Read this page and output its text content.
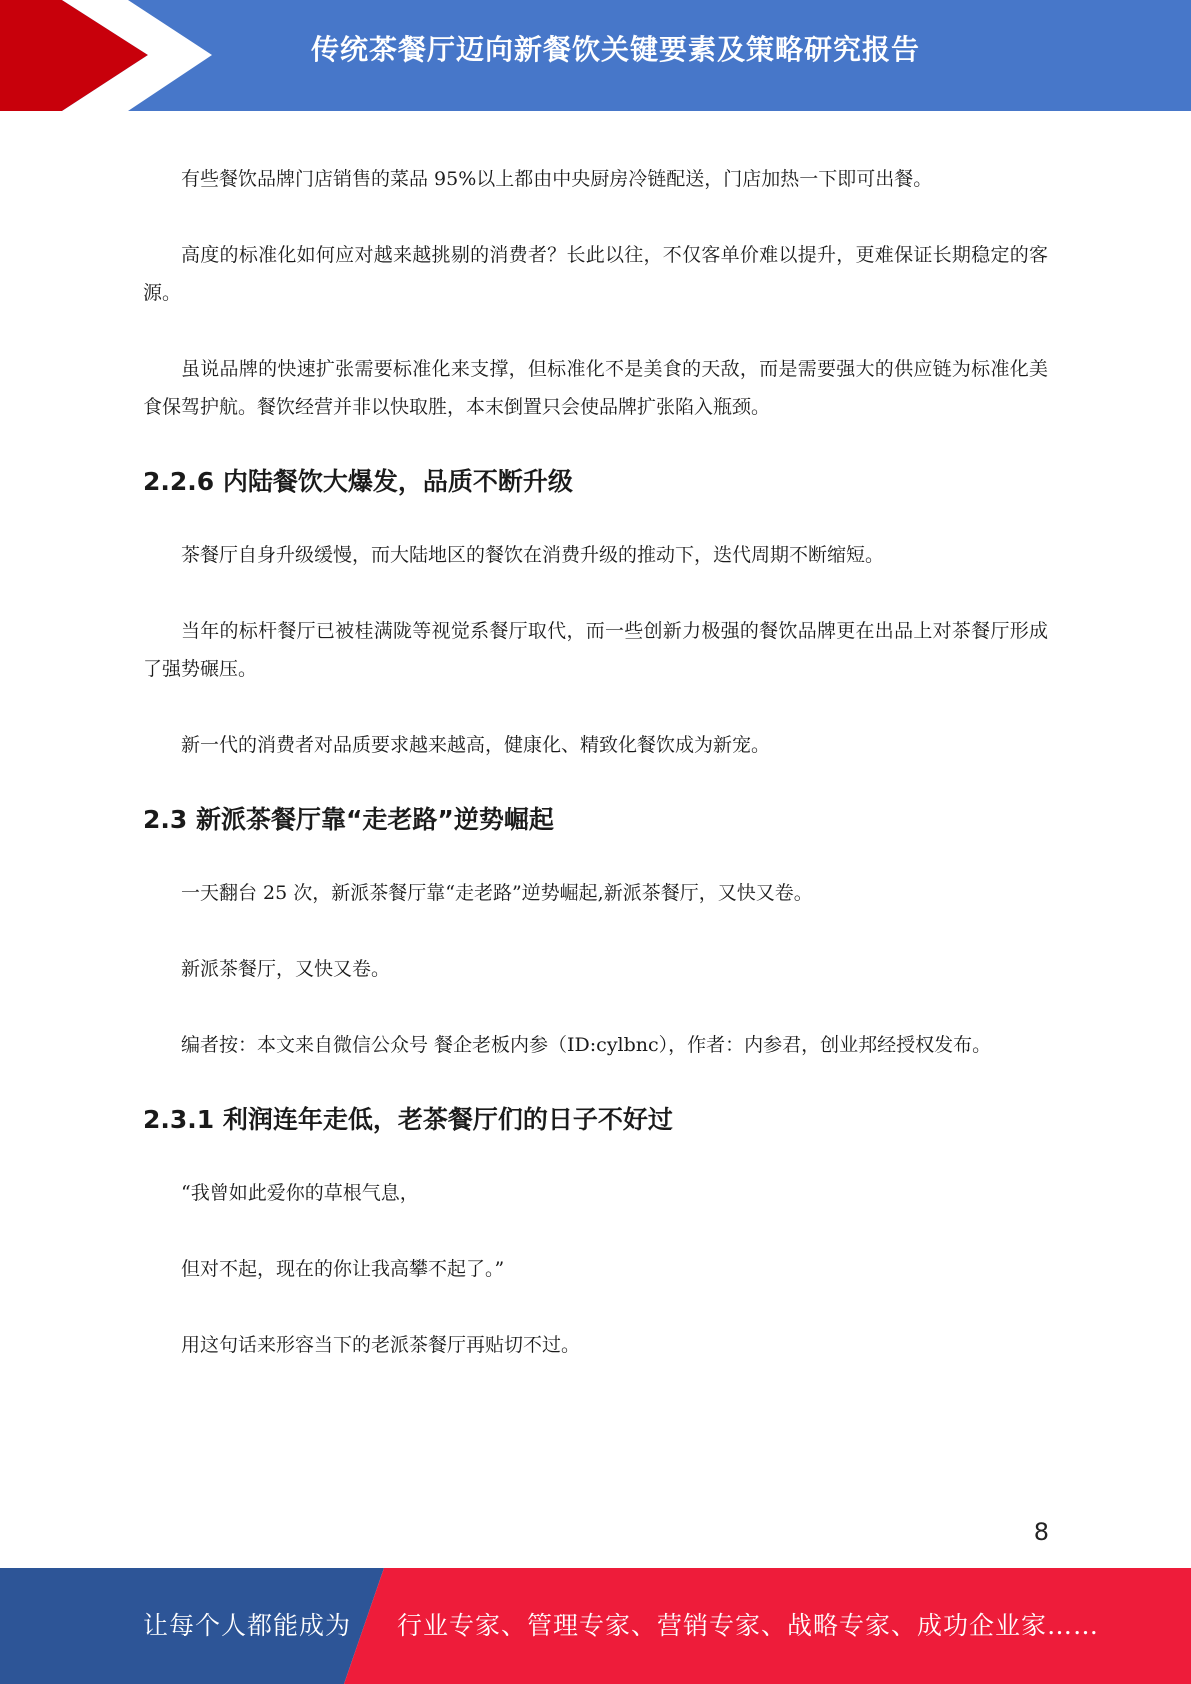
传统茶餐厅迈向新餐饮关键要素及策略研究报告

有些餐饮品牌门店销售的菜品 95%以上都由中央厨房冷链配送，门店加热一下即可出餐。

高度的标准化如何应对越来越挑剔的消费者？长此以往，不仅客单价难以提升，更难保证长期稳定的客源。

虽说品牌的快速扩张需要标准化来支撑，但标准化不是美食的天敌，而是需要强大的供应链为标准化美食保驾护航。餐饮经营并非以快取胜，本末倒置只会使品牌扩张陷入瓶颈。

2.2.6 内陆餐饮大爆发，品质不断升级

茶餐厅自身升级缓慢，而大陆地区的餐饮在消费升级的推动下，迭代周期不断缩短。

当年的标杆餐厅已被桂满陇等视觉系餐厅取代，而一些创新力极强的餐饮品牌更在出品上对茶餐厅形成了强势碾压。

新一代的消费者对品质要求越来越高，健康化、精致化餐饮成为新宠。

2.3 新派茶餐厅靠“走老路”逆势崛起

一天翻台 25 次，新派茶餐厅靠“走老路”逆势崛起,新派茶餐厅，又快又卷。

新派茶餐厅，又快又卷。

编者按：本文来自微信公众号 餐企老板内参（ID:cylbnc），作者：内参君，创业邦经授权发布。

2.3.1 利润连年走低，老茶餐厅们的日子不好过

“我曾如此爱你的草根气息，

但对不起，现在的你让我高攀不起了。”

用这句话来形容当下的老派茶餐厅再贴切不过。

8
让每个人都能成为 行业专家、管理专家、营销专家、战略专家、成功企业家……
